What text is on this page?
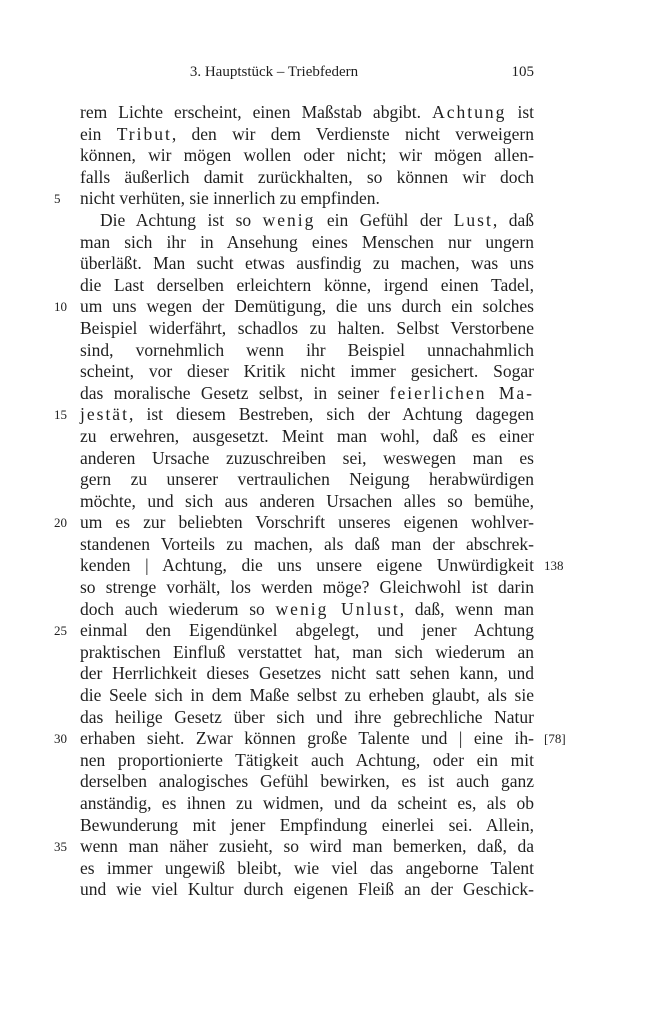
3. Hauptstück – Triebfedern	105
rem Lichte erscheint, einen Maßstab abgibt. Achtung ist
ein Tribut, den wir dem Verdienste nicht verweigern
können, wir mögen wollen oder nicht; wir mögen allen-
falls äußerlich damit zurückhalten, so können wir doch
nicht verhüten, sie innerlich zu empfinden.
5
Die Achtung ist so wenig ein Gefühl der Lust, daß
man sich ihr in Ansehung eines Menschen nur ungern
überläßt. Man sucht etwas ausfindig zu machen, was uns
die Last derselben erleichtern könne, irgend einen Tadel,
um uns wegen der Demütigung, die uns durch ein solches
10
Beispiel widerfährt, schadlos zu halten. Selbst Verstorbene
sind, vornehmlich wenn ihr Beispiel unnachahmlich
scheint, vor dieser Kritik nicht immer gesichert. Sogar
das moralische Gesetz selbst, in seiner feierlichen Ma-
jestät, ist diesem Bestreben, sich der Achtung dagegen
15
zu erwehren, ausgesetzt. Meint man wohl, daß es einer
anderen Ursache zuzuschreiben sei, weswegen man es
gern zu unserer vertraulichen Neigung herabwürdigen
möchte, und sich aus anderen Ursachen alles so bemühe,
um es zur beliebten Vorschrift unseres eigenen wohlver-
20
standenen Vorteils zu machen, als daß man der abschrek-
kenden | Achtung, die uns unsere eigene Unwürdigkeit 138
so strenge vorhält, los werden möge? Gleichwohl ist darin
doch auch wiederum so wenig Unlust, daß, wenn man
einmal den Eigendünkel abgelegt, und jener Achtung
25
praktischen Einfluß verstattet hat, man sich wiederum an
der Herrlichkeit dieses Gesetzes nicht satt sehen kann, und
die Seele sich in dem Maße selbst zu erheben glaubt, als sie
das heilige Gesetz über sich und ihre gebrechliche Natur
erhaben sieht. Zwar können große Talente und | eine ih-
30	[78]
nen proportionierte Tätigkeit auch Achtung, oder ein mit
derselben analogisches Gefühl bewirken, es ist auch ganz
anständig, es ihnen zu widmen, und da scheint es, als ob
Bewunderung mit jener Empfindung einerlei sei. Allein,
wenn man näher zusieht, so wird man bemerken, daß, da
35
es immer ungewiß bleibt, wie viel das angeborne Talent
und wie viel Kultur durch eigenen Fleiß an der Geschick-
